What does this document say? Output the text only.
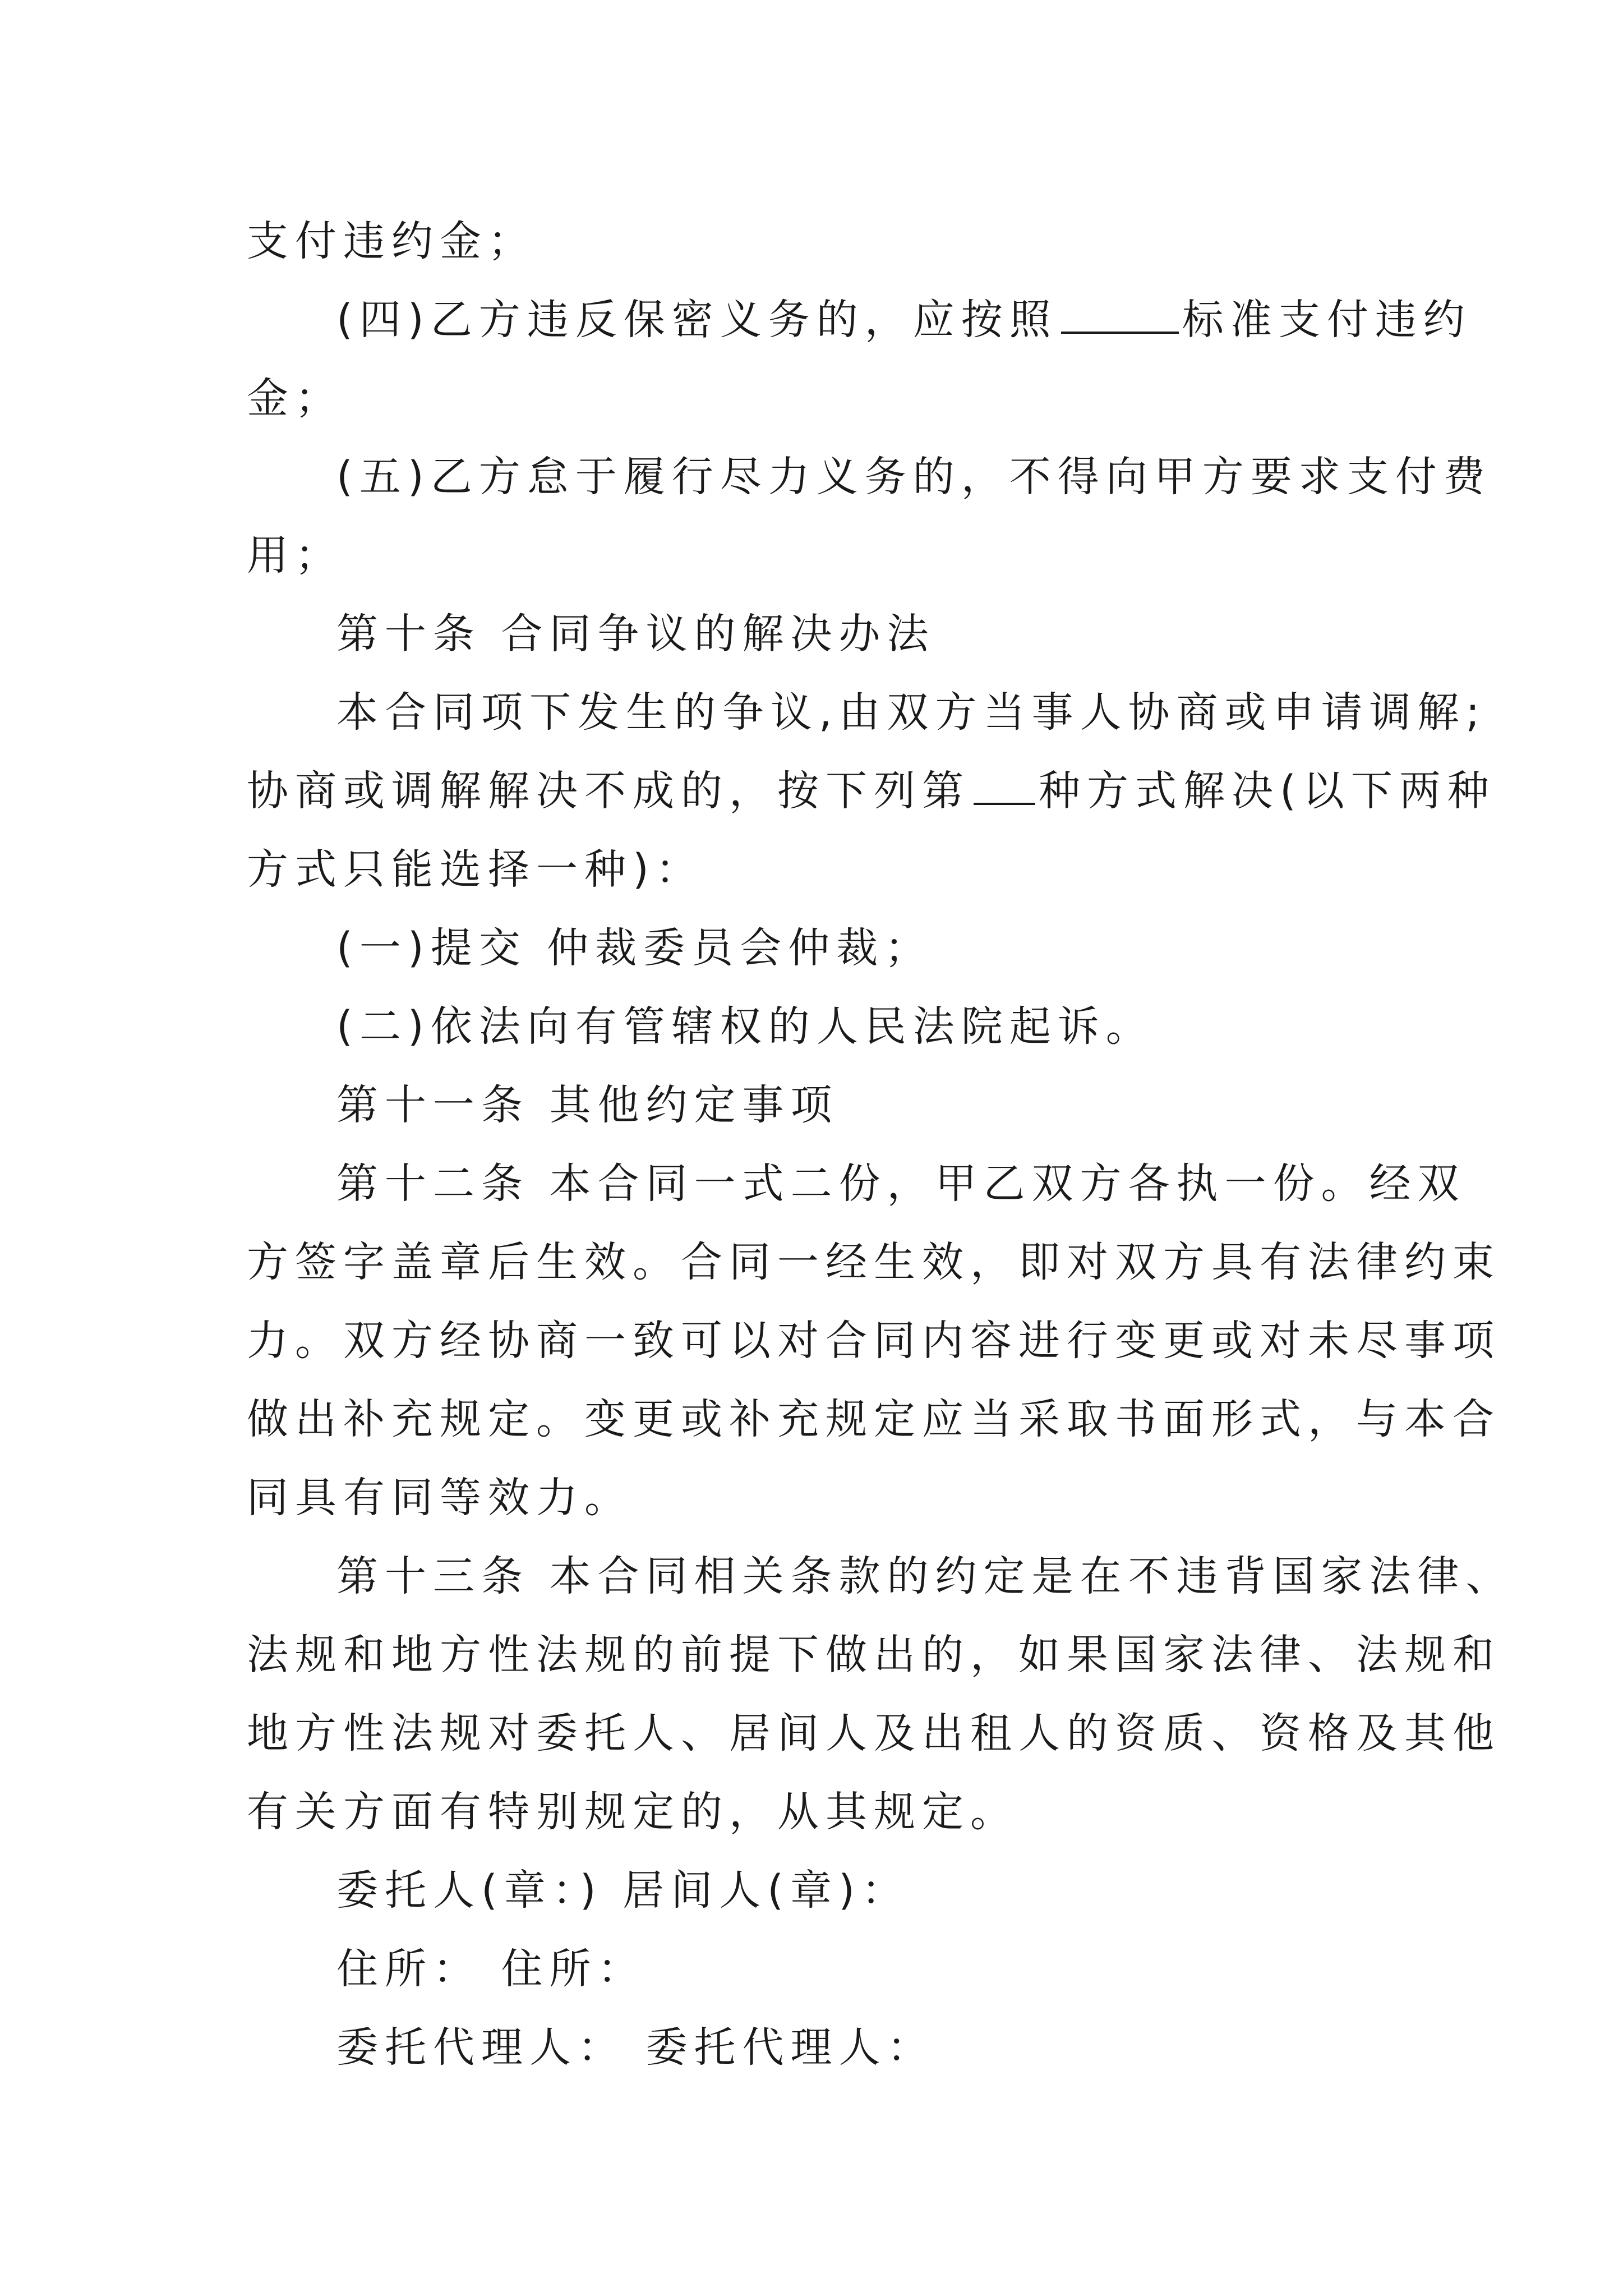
支付违约金；
(四)乙方违反保密义务的，应按照	标准支付违约
金；
(五)乙方怠于履行尽力义务的，不得向甲方要求支付费
用；
第十条 合同争议的解决办法
本合同项下发生的争议,由双方当事人协商或申请调解;
协商或调解解决不成的，按下列第 种方式解决(以下两种
方式只能选择一种)：
(一)提交 仲裁委员会仲裁；
(二)依法向有管辖权的人民法院起诉。
第十一条 其他约定事项
第十二条 本合同一式二份，甲乙双方各执一份。经双
方签字盖章后生效。合同一经生效，即对双方具有法律约束
力。双方经协商一致可以对合同内容进行变更或对未尽事项
做出补充规定。变更或补充规定应当采取书面形式，与本合
同具有同等效力。
第十三条 本合同相关条款的约定是在不违背国家法律、
法规和地方性法规的前提下做出的，如果国家法律、法规和
地方性法规对委托人、居间人及出租人的资质、资格及其他
有关方面有特别规定的，从其规定。
委托人(章：) 居间人(章)：
住所： 住所：
委托代理人： 委托代理人：
